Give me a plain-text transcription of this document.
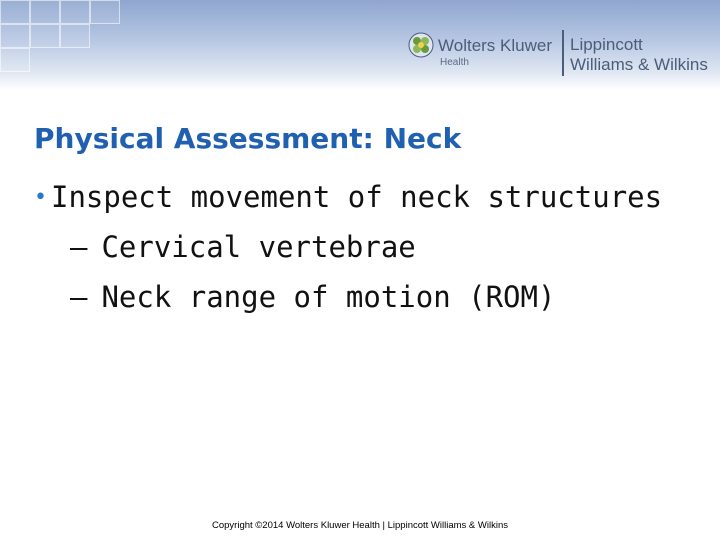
Wolters Kluwer
Health
Lippincott
Williams & Wilkins
Physical Assessment: Neck
• Inspect movement of neck structures
– Cervical vertebrae
– Neck range of motion (ROM)
Copyright ©2014 Wolters Kluwer Health | Lippincott Williams & Wilkins
